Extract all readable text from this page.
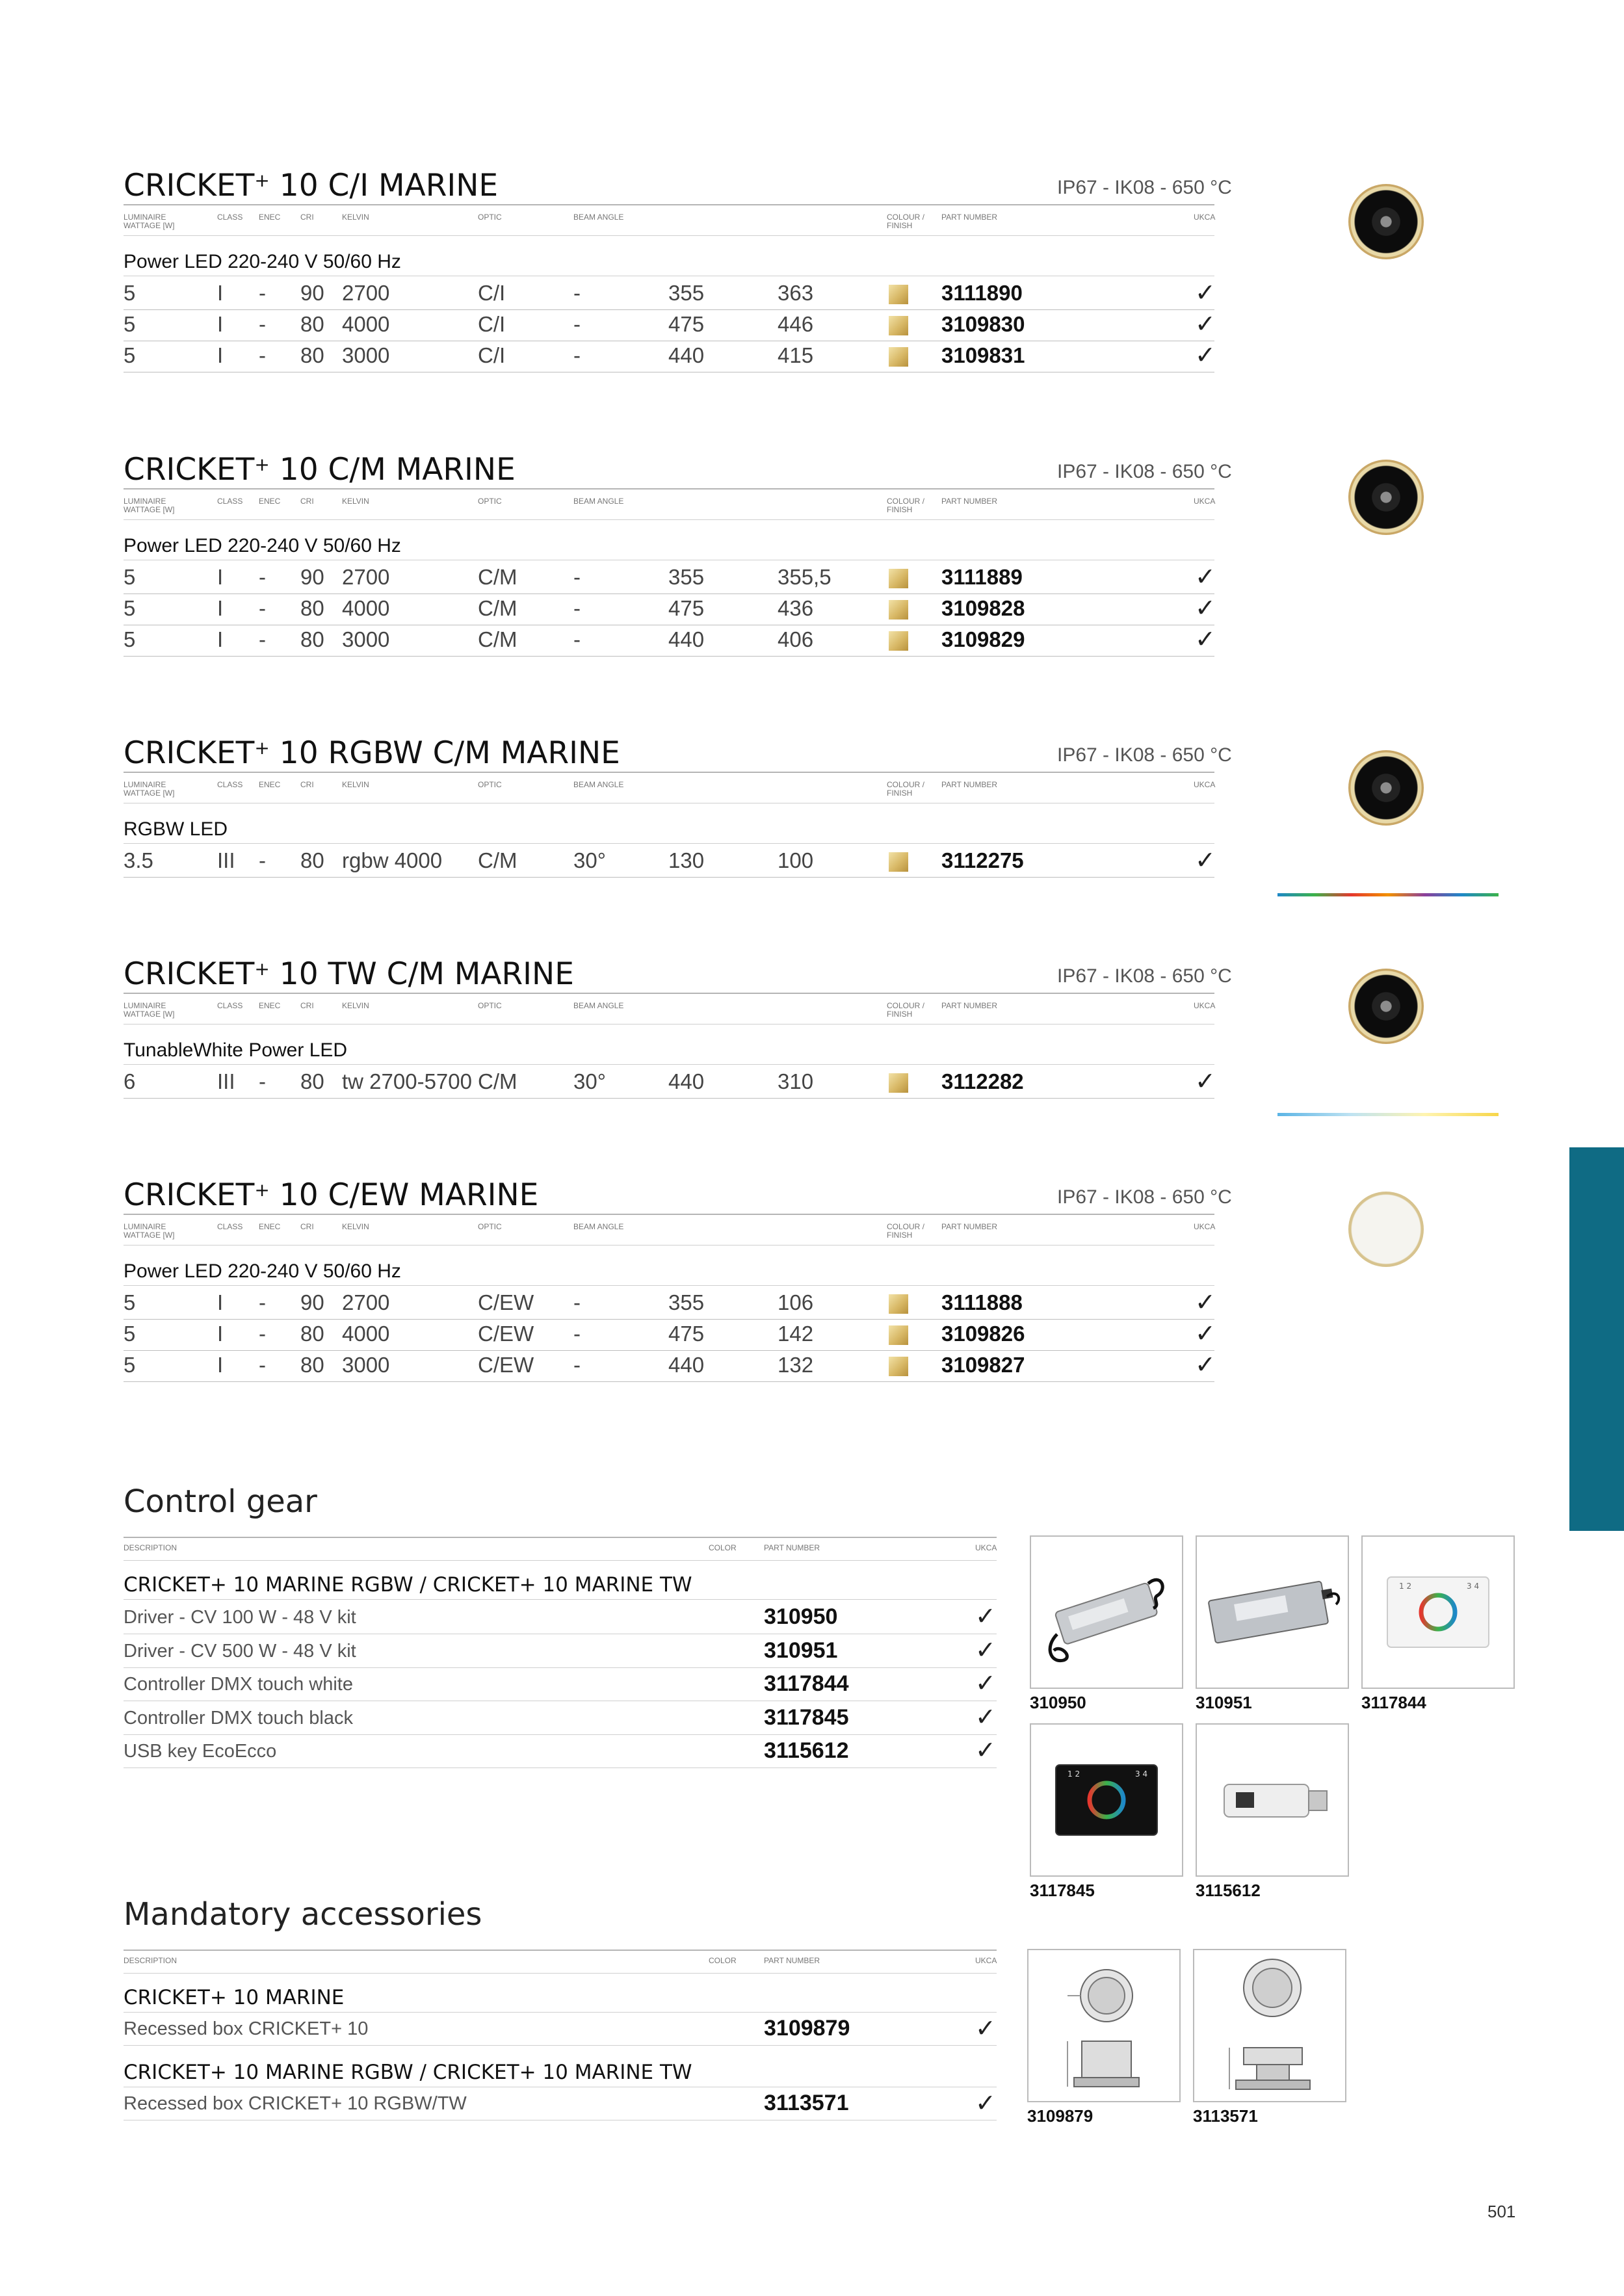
CRICKET+ 10 C/I MARINE	IP67 - IK08 - 650 °C
LUMINAIRE WATTAGE [W]
CLASS ENEC	CRI	KELVIN	OPTIC	BEAM ANGLE	COLOUR / FINISH
PART NUMBER	UKCA
Power LED 220-240 V 50/60 Hz
5	I - 90 2700	C/I	-	355	363	3111890	✓
5	I - 80 4000	C/I	-	475	446	3109830	✓
5	I - 80 3000	C/I	-	440	415	3109831	✓
CRICKET+ 10 C/M MARINE	IP67 - IK08 - 650 °C
LUMINAIRE WATTAGE [W]
CLASS ENEC	CRI	KELVIN	OPTIC	BEAM ANGLE	COLOUR / FINISH
PART NUMBER	UKCA
Power LED 220-240 V 50/60 Hz
5	I - 90 2700	C/M	-	355	355,5	3111889	✓
5	I - 80 4000	C/M	-	475	436	3109828	✓
5	I - 80 3000	C/M	-	440	406	3109829	✓
CRICKET+ 10 RGBW C/M MARINE	IP67 - IK08 - 650 °C
LUMINAIRE WATTAGE [W]
CLASS ENEC	CRI	KELVIN	OPTIC	BEAM ANGLE	COLOUR / FINISH
PART NUMBER	UKCA
RGBW LED
3.5	III - 80 rgbw 4000 C/M	30°	130	100	3112275	✓
CRICKET+ 10 TW C/M MARINE	IP67 - IK08 - 650 °C
LUMINAIRE WATTAGE [W]
CLASS ENEC	CRI	KELVIN	OPTIC	BEAM ANGLE	COLOUR / FINISH
PART NUMBER	UKCA
TunableWhite Power LED
6	III - 80 tw 2700-5700 C/M	30°	440	310	3112282	✓
CRICKET+ 10 C/EW MARINE	IP67 - IK08 - 650 °C
LUMINAIRE WATTAGE [W]
CLASS ENEC	CRI	KELVIN	OPTIC	BEAM ANGLE	COLOUR / FINISH
PART NUMBER	UKCA
Power LED 220-240 V 50/60 Hz
5	I - 90 2700	C/EW -	355	106	3111888	✓
5	I - 80 4000	C/EW -	475	142	3109826	✓
5	I - 80 3000	C/EW -	440	132	3109827	✓
Control gear
DESCRIPTION	COLOR	PART NUMBER	UKCA
CRICKET+ 10 MARINE RGBW / CRICKET+ 10 MARINE TW
Driver - CV 100 W - 48 V kit	310950	✓
Driver - CV 500 W - 48 V kit	310951	✓
Controller DMX touch white	3117844	✓
Controller DMX touch black	3117845	✓
USB key EcoEcco	3115612	✓
310950	310951
1 2	3 4
3117844
1 2	3 4
3117845	3115612
Mandatory accessories
DESCRIPTION	COLOR	PART NUMBER	UKCA
CRICKET+ 10 MARINE
Recessed box CRICKET+ 10	3109879	✓
CRICKET+ 10 MARINE RGBW / CRICKET+ 10 MARINE TW
Recessed box CRICKET+ 10 RGBW/TW	3113571	✓ 3109879	3113571
501
